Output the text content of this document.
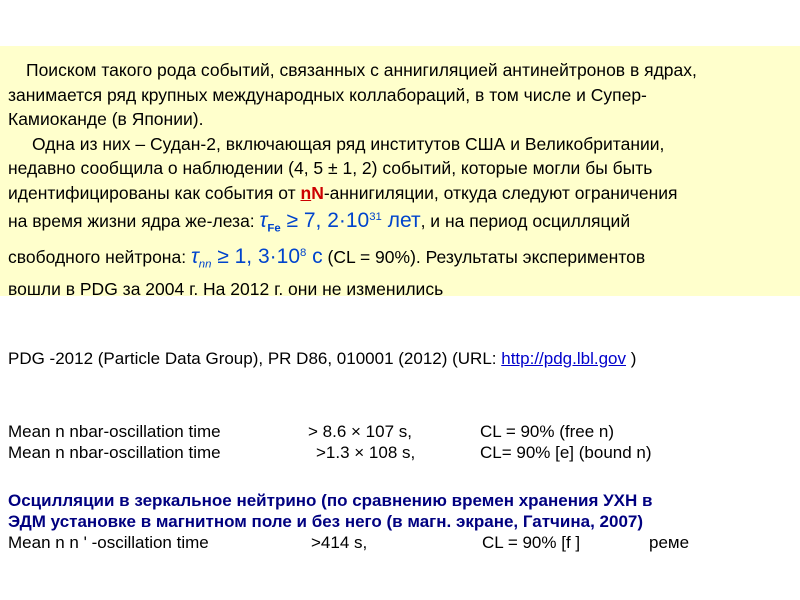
Поиском такого рода событий, связанных с аннигиляцией антинейтронов в ядрах,

занимается ряд крупных международных коллабораций, в том числе и Супер-

Камиоканде (в Японии).

Одна из них – Судан-2, включающая ряд институтов США и Великобритании,

недавно сообщила о наблюдении (4, 5 ± 1, 2) событий, которые могли бы быть

идентифицированы как события от nN-аннигиляции, откуда следуют ограничения

на время жизни ядра же-леза: $\tau_{Fe} \ge 7$, $2\cdot 10^{31}$ лет, и на период осцилляций

свободного нейтрона: $\tau_{nn} \ge 1$, $3\cdot 10^8$ с (CL = 90%). Результаты экспериментов

вошли в PDG за 2004 г. На 2012 г. они не изменились

PDG -2012 (Particle Data Group), PR D86, 010001 (2012) (URL: http://pdg.lbl.gov )
Mean n nbar-oscillation time	> 8.6 × 107 s,	CL = 90% (free n)
Mean n nbar-oscillation time	>1.3 × 108 s,	CL= 90% [e] (bound n)
Осцилляции в зеркальное нейтрино (по сравнению времен хранения УХН в
ЭДМ установке в магнитном поле и без него (в магн. экране, Гатчина, 2007)
Mean n n ' -oscillation time	>414 s,	CL = 90% [f ]	реме
